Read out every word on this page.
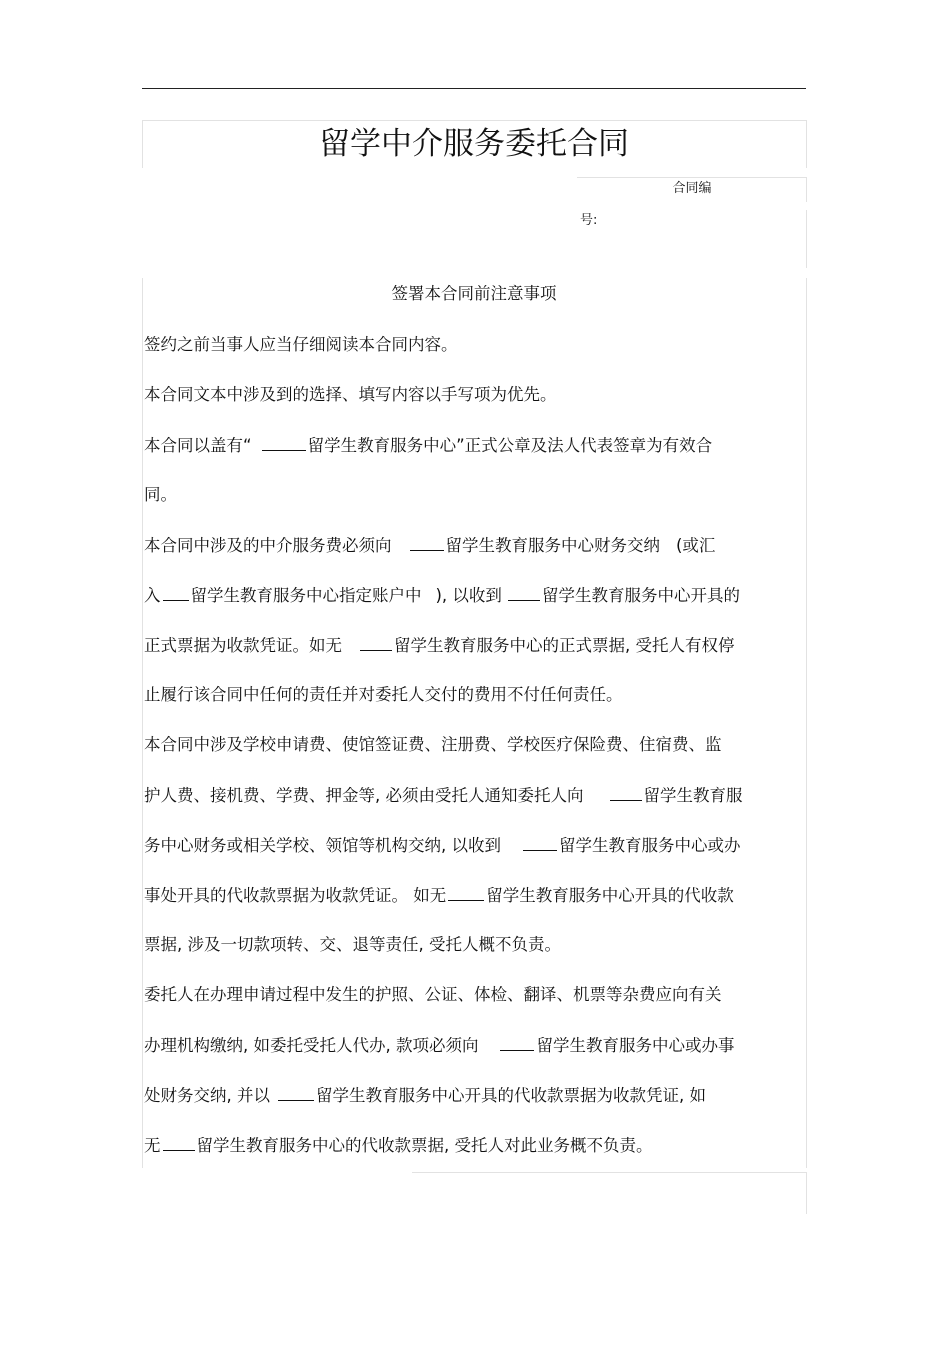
留学中介服务委托合同
合同编
号:
签署本合同前注意事项
签约之前当事人应当仔细阅读本合同内容。
本合同文本中涉及到的选择、填写内容以手写项为优先。
本合同以盖有“	留学生教育服务中心”正式公章及法人代表签章为有效合
同。
本合同中涉及的中介服务费必须向	留学生教育服务中心财务交纳 (或汇
入 留学生教育服务中心指定账户中 ), 以收到 留学生教育服务中心开具的
正式票据为收款凭证。如无	留学生教育服务中心的正式票据, 受托人有权停
止履行该合同中任何的责任并对委托人交付的费用不付任何责任。
本合同中涉及学校申请费、使馆签证费、注册费、学校医疗保险费、住宿费、监
护人费、接机费、学费、押金等, 必须由受托人通知委托人向	留学生教育服
务中心财务或相关学校、领馆等机构交纳, 以收到	留学生教育服务中心或办
事处开具的代收款票据为收款凭证。 如无 留学生教育服务中心开具的代收款
票据, 涉及一切款项转、交、退等责任, 受托人概不负责。
委托人在办理申请过程中发生的护照、公证、体检、翻译、机票等杂费应向有关
办理机构缴纳, 如委托受托人代办, 款项必须向	留学生教育服务中心或办事
处财务交纳, 并以	留学生教育服务中心开具的代收款票据为收款凭证, 如
无 留学生教育服务中心的代收款票据, 受托人对此业务概不负责。
